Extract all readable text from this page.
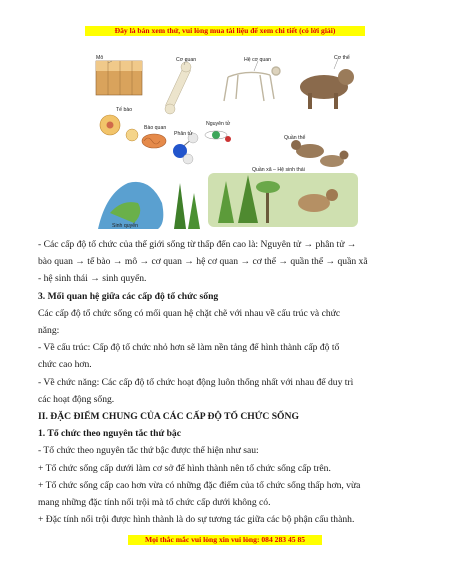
Đây là bản xem thử, vui lòng mua tài liệu để xem chi tiết (có lời giải)
Mô	Cơ quan	Hệ cơ quan	Cơ thể
Tế bào
Bào quan
Phân tử
Nguyên tử
Quần thể
Quần xã – Hệ sinh thái
Sinh quyển

- Các cấp độ tổ chức của thế giới sống từ thấp đến cao là: Nguyên tử → phân tử →

bào quan → tế bào → mô → cơ quan → hệ cơ quan → cơ thể → quần thể → quần xã

- hệ sinh thái → sinh quyển.

3. Mối quan hệ giữa các cấp độ tổ chức sống

Các cấp độ tổ chức sống có mối quan hệ chặt chẽ với nhau về cấu trúc và chức

năng:

- Về cấu trúc: Cấp độ tổ chức nhỏ hơn sẽ làm nền tảng để hình thành cấp độ tổ

chức cao hơn.

- Về chức năng: Các cấp độ tổ chức hoạt động luôn thống nhất với nhau để duy trì

các hoạt động sống.

II. ĐẶC ĐIỂM CHUNG CỦA CÁC CẤP ĐỘ TỔ CHỨC SỐNG

1. Tổ chức theo nguyên tắc thứ bậc

- Tổ chức theo nguyên tắc thứ bậc được thể hiện như sau:

+ Tổ chức sống cấp dưới làm cơ sở để hình thành nên tổ chức sống cấp trên.

+ Tổ chức sống cấp cao hơn vừa có những đặc điểm của tổ chức sống thấp hơn, vừa

mang những đặc tính nổi trội mà tổ chức cấp dưới không có.

+ Đặc tính nổi trội được hình thành là do sự tương tác giữa các bộ phận cấu thành.

Mọi thắc mắc vui lòng xin vui lòng: 084 283 45 85
